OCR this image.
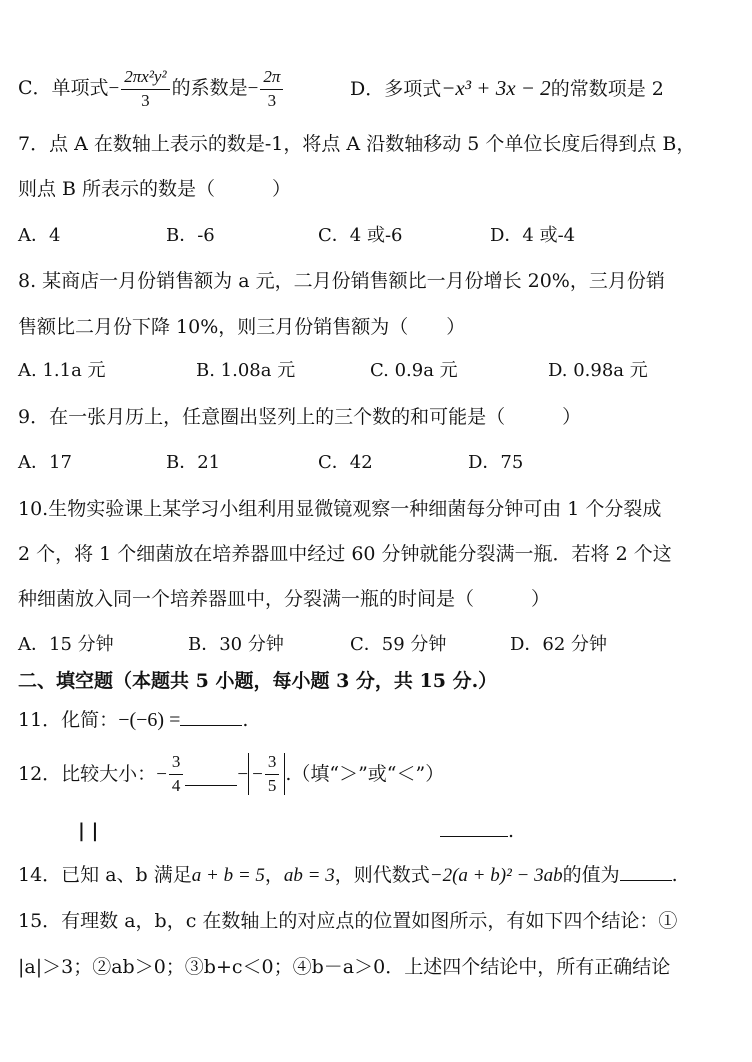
C．单项式− $\frac{\text{2πx²y²}}{3}$ 的系数是− $\frac{2\pi}{3}$	D．多项式−x³ + 3x − 2的常数项是 2
7．点 A 在数轴上表示的数是-1，将点 A 沿数轴移动 5 个单位长度后得到点 B，
则点 B 所表示的数是（　　　）
A．4	B．-6	C．4 或-6	D．4 或-4
8. 某商店一月份销售额为 a 元，二月份销售额比一月份增长 20%，三月份销
售额比二月份下降 10%，则三月份销售额为（　　）
A. 1.1a 元	B. 1.08a 元	C. 0.9a 元	D. 0.98a 元
9．在一张月历上，任意圈出竖列上的三个数的和可能是（　　　）
A．17	B．21	C．42	D．75
10.生物实验课上某学习小组利用显微镜观察一种细菌每分钟可由 1 个分裂成
2 个，将 1 个细菌放在培养器皿中经过 60 分钟就能分裂满一瓶．若将 2 个这
种细菌放入同一个培养器皿中，分裂满一瓶的时间是（　　　）
A．15 分钟	B．30 分钟	C．59 分钟	D．62 分钟
二、填空题（本题共 5 小题，每小题 3 分，共 15 分.）
11．化简：−(−6) =	.
12．比较大小： − $\frac{3}{4}$	− − $\frac{3}{5}$ .（填“＞”或“＜”）
| |	.
14．已知 a、b 满足a + b = 5，ab = 3，则代数式−2(a + b)² − 3ab的值为	.
15．有理数 a，b，c 在数轴上的对应点的位置如图所示，有如下四个结论：①
|a|＞3；②ab＞0；③b+c＜0；④b－a＞0．上述四个结论中，所有正确结论
